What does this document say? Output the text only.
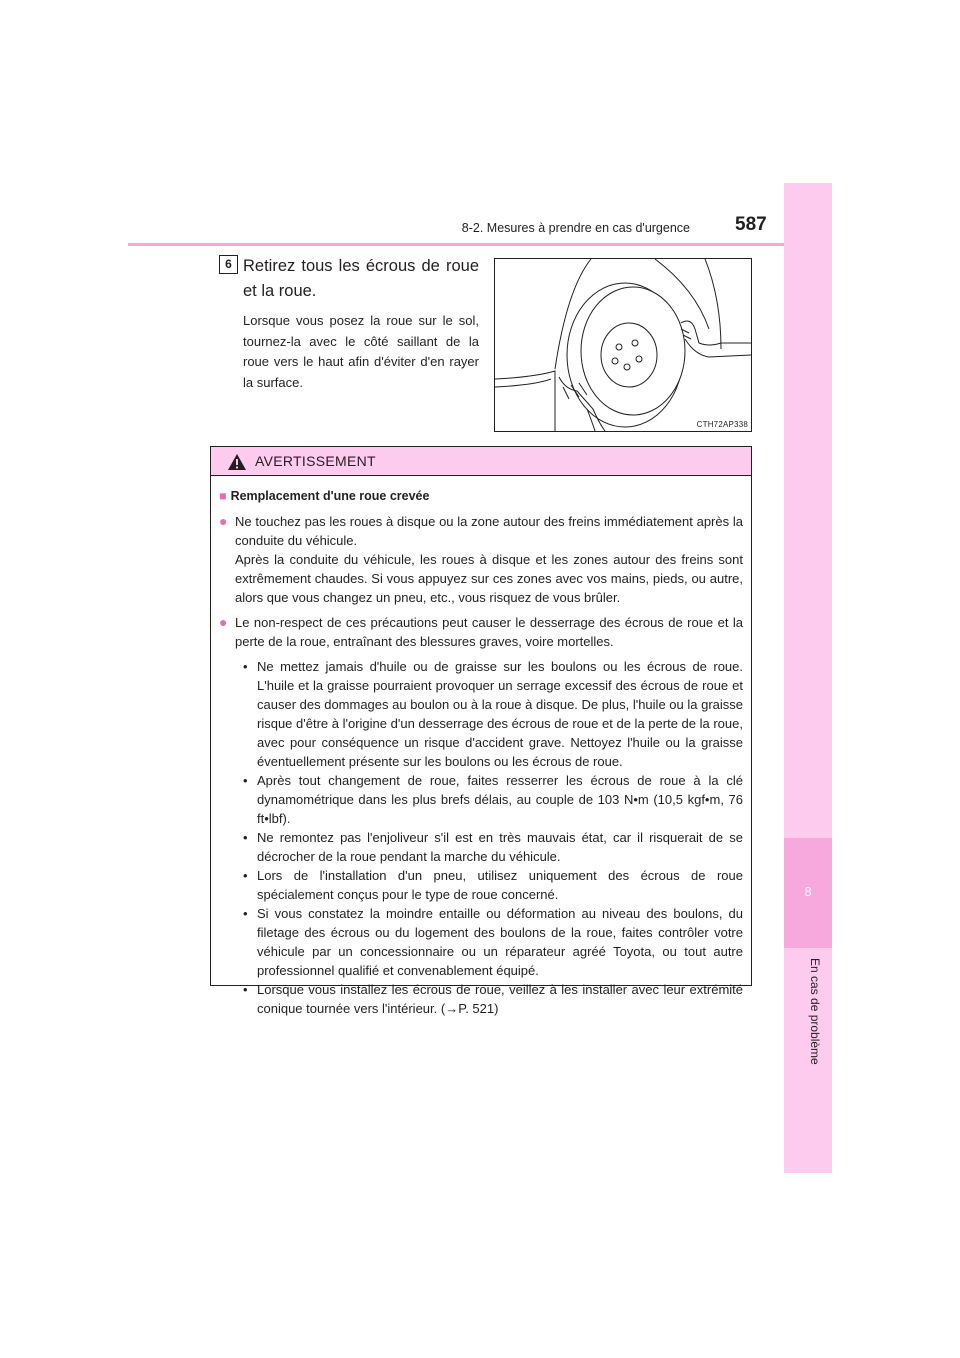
8-2. Mesures à prendre en cas d'urgence 587
8
En cas de problème
6 Retirez tous les écrous de roue et la roue.
Lorsque vous posez la roue sur le sol, tournez-la avec le côté saillant de la roue vers le haut afin d'éviter d'en rayer la surface.
CTH72AP338
AVERTISSEMENT
■ Remplacement d'une roue crevée
● Ne touchez pas les roues à disque ou la zone autour des freins immédiatement après la conduite du véhicule.
Après la conduite du véhicule, les roues à disque et les zones autour des freins sont extrêmement chaudes. Si vous appuyez sur ces zones avec vos mains, pieds, ou autre, alors que vous changez un pneu, etc., vous risquez de vous brûler.
● Le non-respect de ces précautions peut causer le desserrage des écrous de roue et la perte de la roue, entraînant des blessures graves, voire mortelles.
• Ne mettez jamais d'huile ou de graisse sur les boulons ou les écrous de roue. L'huile et la graisse pourraient provoquer un serrage excessif des écrous de roue et causer des dommages au boulon ou à la roue à disque. De plus, l'huile ou la graisse risque d'être à l'origine d'un desserrage des écrous de roue et de la perte de la roue, avec pour conséquence un risque d'accident grave. Nettoyez l'huile ou la graisse éventuellement présente sur les boulons ou les écrous de roue.
• Après tout changement de roue, faites resserrer les écrous de roue à la clé dynamométrique dans les plus brefs délais, au couple de 103 N•m (10,5 kgf•m, 76 ft•lbf).
• Ne remontez pas l'enjoliveur s'il est en très mauvais état, car il risquerait de se décrocher de la roue pendant la marche du véhicule.
• Lors de l'installation d'un pneu, utilisez uniquement des écrous de roue spécialement conçus pour le type de roue concerné.
• Si vous constatez la moindre entaille ou déformation au niveau des boulons, du filetage des écrous ou du logement des boulons de la roue, faites contrôler votre véhicule par un concessionnaire ou un réparateur agréé Toyota, ou tout autre professionnel qualifié et convenablement équipé.
• Lorsque vous installez les écrous de roue, veillez à les installer avec leur extrémité conique tournée vers l'intérieur. (→P. 521)
